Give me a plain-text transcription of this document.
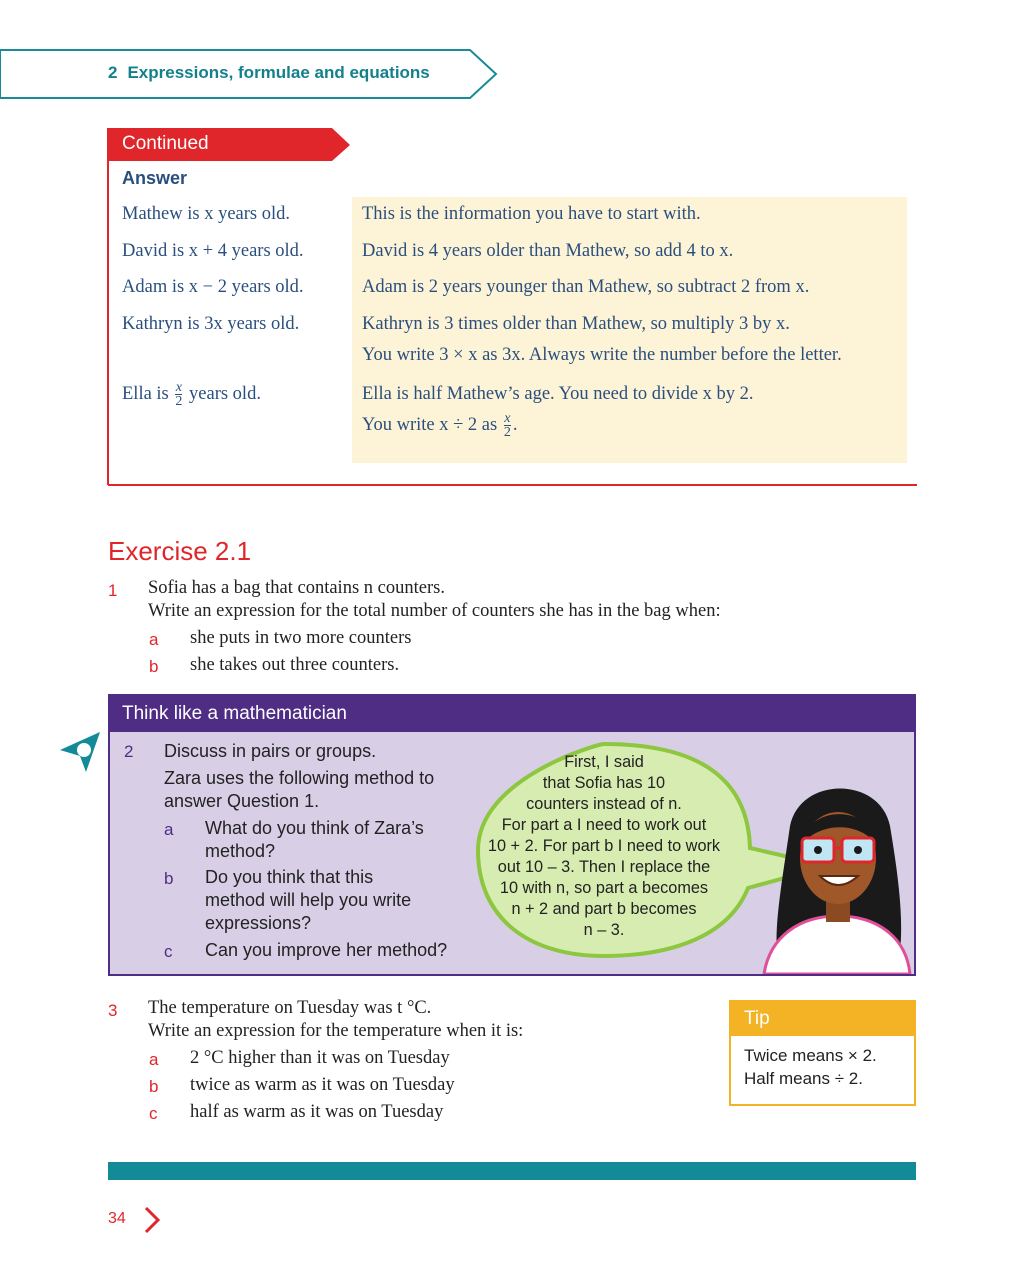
2 Expressions, formulae and equations
Continued
Answer
Mathew is x years old.	This is the information you have to start with.
David is x + 4 years old.	David is 4 years older than Mathew, so add 4 to x.
Adam is x − 2 years old.	Adam is 2 years younger than Mathew, so subtract 2 from x.
Kathryn is 3x years old.	Kathryn is 3 times older than Mathew, so multiply 3 by x.
You write 3 × x as 3x. Always write the number before the letter.
Ella is $\frac{x}{2}$ years old.	Ella is half Mathew’s age. You need to divide x by 2.
You write x ÷ 2 as $\frac{x}{2}$ .
Exercise 2.1
1 Sofia has a bag that contains n counters.
Write an expression for the total number of counters she has in the bag when:
a she puts in two more counters
b she takes out three counters.
Think like a mathematician
2 Discuss in pairs or groups.
Zara uses the following method to
answer Question 1.
a What do you think of Zara’s
method?
b Do you think that this
method will help you write
expressions?
c Can you improve her method?
First, I said
that Sofia has 10
counters instead of n.
For part a I need to work out
10 + 2. For part b I need to work
out 10 – 3. Then I replace the
10 with n, so part a becomes
n + 2 and part b becomes
n – 3.
3 The temperature on Tuesday was t °C.
Write an expression for the temperature when it is:
a 2 °C higher than it was on Tuesday
b twice as warm as it was on Tuesday
c half as warm as it was on Tuesday
Tip
Twice means × 2.
Half means ÷ 2.
34
